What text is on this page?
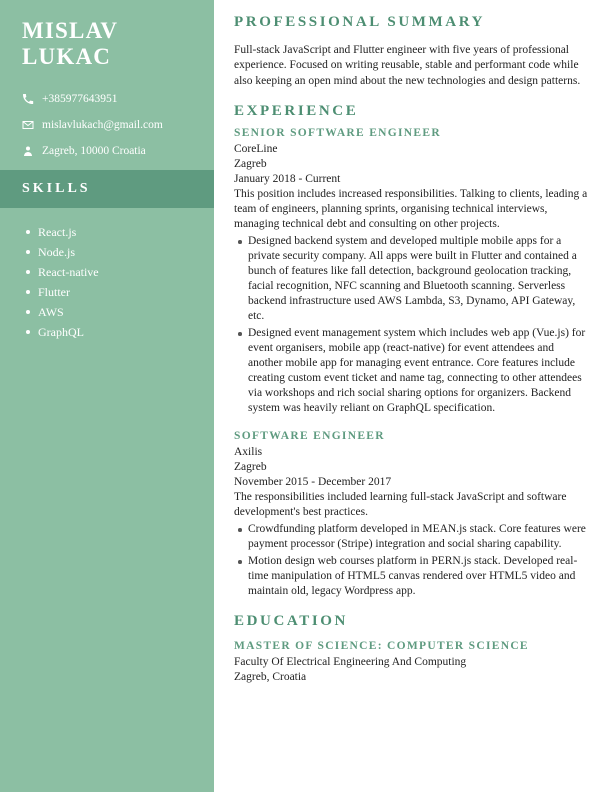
MISLAV
LUKAC
+385977643951
mislavlukach@gmail.com
Zagreb, 10000 Croatia
SKILLS
React.js
Node.js
React-native
Flutter
AWS
GraphQL
PROFESSIONAL SUMMARY

Full-stack JavaScript and Flutter engineer with five years of professional experience. Focused on writing reusable, stable and performant code while also keeping an open mind about the new technologies and design patterns.

EXPERIENCE
SENIOR SOFTWARE ENGINEER
CoreLine
Zagreb
January 2018 - Current
This position includes increased responsibilities. Talking to clients, leading a team of engineers, planning sprints, organising technical interviews, managing technical debt and consulting on other projects.
Designed backend system and developed multiple mobile apps for a private security company. All apps were built in Flutter and contained a bunch of features like fall detection, background geolocation tracking, facial recognition, NFC scanning and Bluetooth scanning. Serverless backend infrastructure used AWS Lambda, S3, Dynamo, API Gateway, etc.
Designed event management system which includes web app (Vue.js) for event organisers, mobile app (react-native) for event attendees and another mobile app for managing event entrance. Core features include creating custom event ticket and name tag, connecting to other attendees via workshops and rich social sharing options for organizers. Backend system was heavily reliant on GraphQL specification.
SOFTWARE ENGINEER
Axilis
Zagreb
November 2015 - December 2017
The responsibilities included learning full-stack JavaScript and software development's best practices.
Crowdfunding platform developed in MEAN.js stack. Core features were payment processor (Stripe) integration and social sharing capability.
Motion design web courses platform in PERN.js stack. Developed real-time manipulation of HTML5 canvas rendered over HTML5 video and maintain old, legacy Wordpress app.
EDUCATION
MASTER OF SCIENCE: COMPUTER SCIENCE
Faculty Of Electrical Engineering And Computing
Zagreb, Croatia
